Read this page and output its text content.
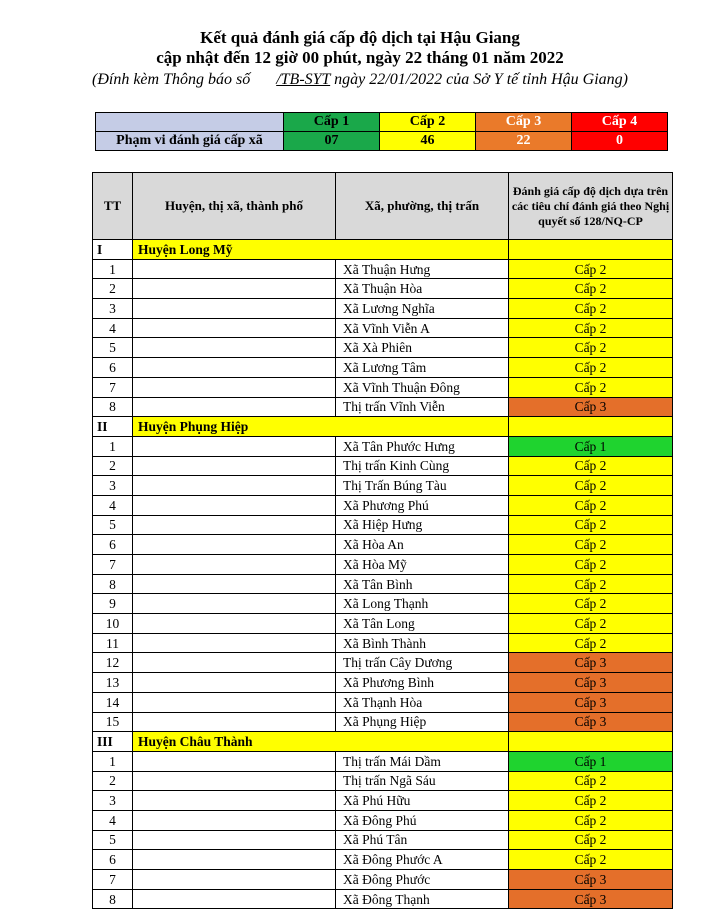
Kết quả đánh giá cấp độ dịch tại Hậu Giang
cập nhật đến 12 giờ 00 phút, ngày 22 tháng 01 năm 2022
(Đính kèm Thông báo số /TB-SYT ngày 22/01/2022 của Sở Y tế tỉnh Hậu Giang)
	Cấp 1	Cấp 2	Cấp 3	Cấp 4
Phạm vi đánh giá cấp xã	07	46	22	0
TT	Huyện, thị xã, thành phố	Xã, phường, thị trấn	Đánh giá cấp độ dịch dựa trên các tiêu chí đánh giá theo Nghị quyết số 128/NQ-CP
I	Huyện Long Mỹ		
1		Xã Thuận Hưng	Cấp 2
2		Xã Thuận Hòa	Cấp 2
3		Xã Lương Nghĩa	Cấp 2
4		Xã Vĩnh Viễn A	Cấp 2
5		Xã Xà Phiên	Cấp 2
6		Xã Lương Tâm	Cấp 2
7		Xã Vĩnh Thuận Đông	Cấp 2
8		Thị trấn Vĩnh Viễn	Cấp 3
II	Huyện Phụng Hiệp		
1		Xã Tân Phước Hưng	Cấp 1
2		Thị trấn Kinh Cùng	Cấp 2
3		Thị Trấn Búng Tàu	Cấp 2
4		Xã Phương Phú	Cấp 2
5		Xã Hiệp Hưng	Cấp 2
6		Xã Hòa An	Cấp 2
7		Xã Hòa Mỹ	Cấp 2
8		Xã Tân Bình	Cấp 2
9		Xã Long Thạnh	Cấp 2
10		Xã Tân Long	Cấp 2
11		Xã Bình Thành	Cấp 2
12		Thị trấn Cây Dương	Cấp 3
13		Xã Phương Bình	Cấp 3
14		Xã Thạnh Hòa	Cấp 3
15		Xã Phụng Hiệp	Cấp 3
III	Huyện Châu Thành		
1		Thị trấn Mái Dầm	Cấp 1
2		Thị trấn Ngã Sáu	Cấp 2
3		Xã Phú Hữu	Cấp 2
4		Xã Đông Phú	Cấp 2
5		Xã Phú Tân	Cấp 2
6		Xã Đông Phước A	Cấp 2
7		Xã Đông Phước	Cấp 3
8		Xã Đông Thạnh	Cấp 3
